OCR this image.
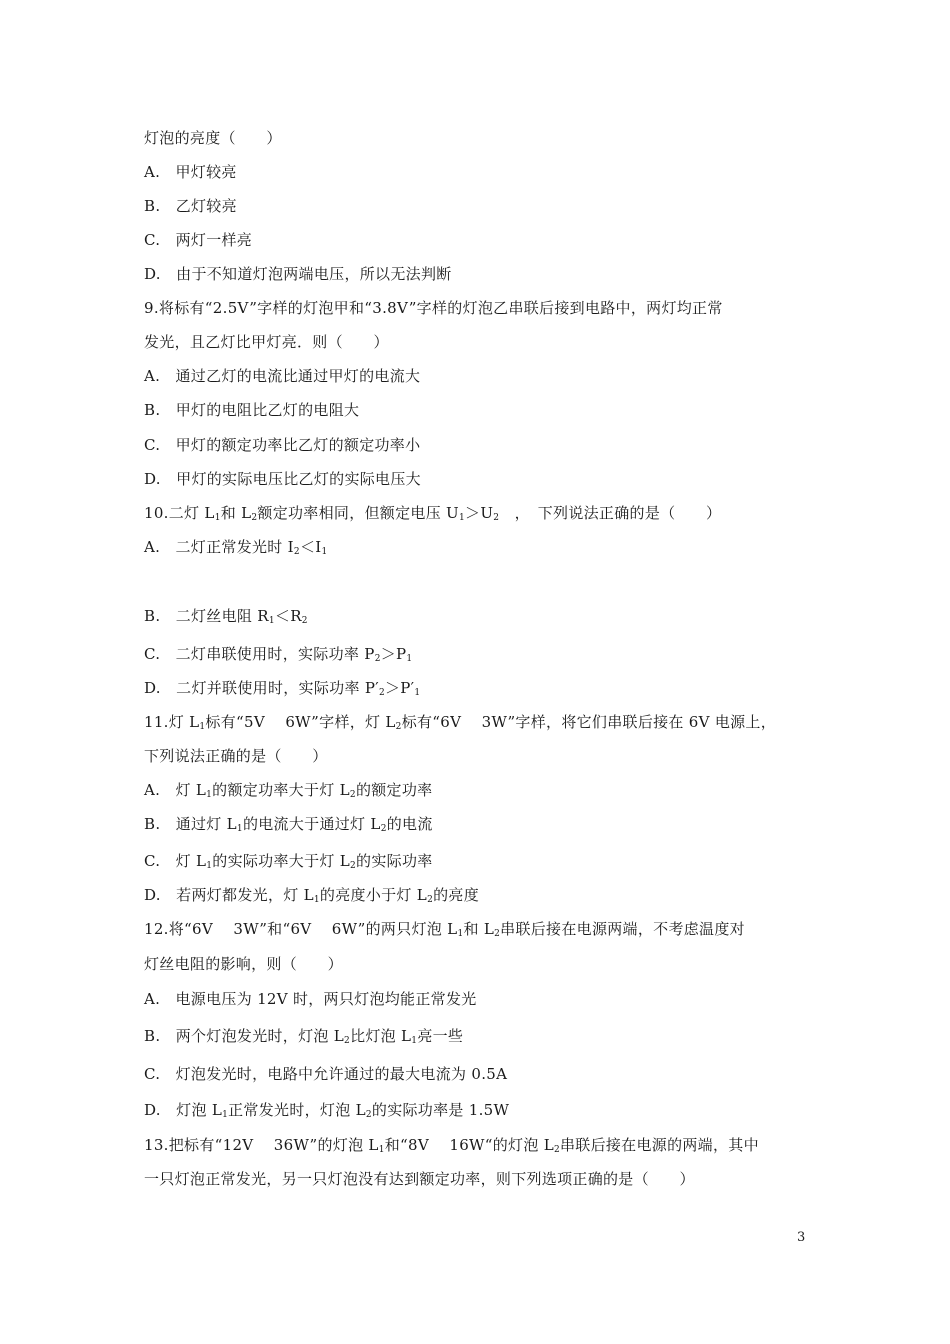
灯泡的亮度（　　）
A.　甲灯较亮
B.　乙灯较亮
C.　两灯一样亮
D.　由于不知道灯泡两端电压，所以无法判断
9.将标有“2.5V”字样的灯泡甲和“3.8V”字样的灯泡乙串联后接到电路中，两灯均正常
发光，且乙灯比甲灯亮．则（　　）
A.　通过乙灯的电流比通过甲灯的电流大
B.　甲灯的电阻比乙灯的电阻大
C.　甲灯的额定功率比乙灯的额定功率小
D.　甲灯的实际电压比乙灯的实际电压大
10.二灯 $L_1$和 $L_2$额定功率相同，但额定电压 $U_1>U_2$　，　下列说法正确的是（　　）
A.　二灯正常发光时 $I_2<I_1$
B.　二灯丝电阻 $R_1<R_2$
C.　二灯串联使用时，实际功率 $P_2>P_1$
D.　二灯并联使用时，实际功率 $P'_2>P'_1$
11.灯 $L_1$标有“5V　 6W”字样，灯 $L_2$标有“6V　 3W”字样，将它们串联后接在 6V 电源上，
下列说法正确的是（　　）
A.　灯 $L_1$的额定功率大于灯 $L_2$的额定功率
B.　通过灯 $L_1$的电流大于通过灯 $L_2$的电流
C.　灯 $L_1$的实际功率大于灯 $L_2$的实际功率
D.　若两灯都发光，灯 $L_1$的亮度小于灯 $L_2$的亮度
12.将“6V　 3W”和“6V　 6W”的两只灯泡 $L_1$和 $L_2$串联后接在电源两端，不考虑温度对
灯丝电阻的影响，则（　　）
A.　电源电压为 12V 时，两只灯泡均能正常发光
B.　两个灯泡发光时，灯泡 $L_2$比灯泡 $L_1$亮一些
C.　灯泡发光时，电路中允许通过的最大电流为 0.5A
D.　灯泡 $L_1$正常发光时，灯泡 $L_2$的实际功率是 1.5W
13.把标有“12V　 36W”的灯泡 $L_1$和“8V　 16W“的灯泡 $L_2$串联后接在电源的两端，其中
一只灯泡正常发光，另一只灯泡没有达到额定功率，则下列选项正确的是（　　）
3
